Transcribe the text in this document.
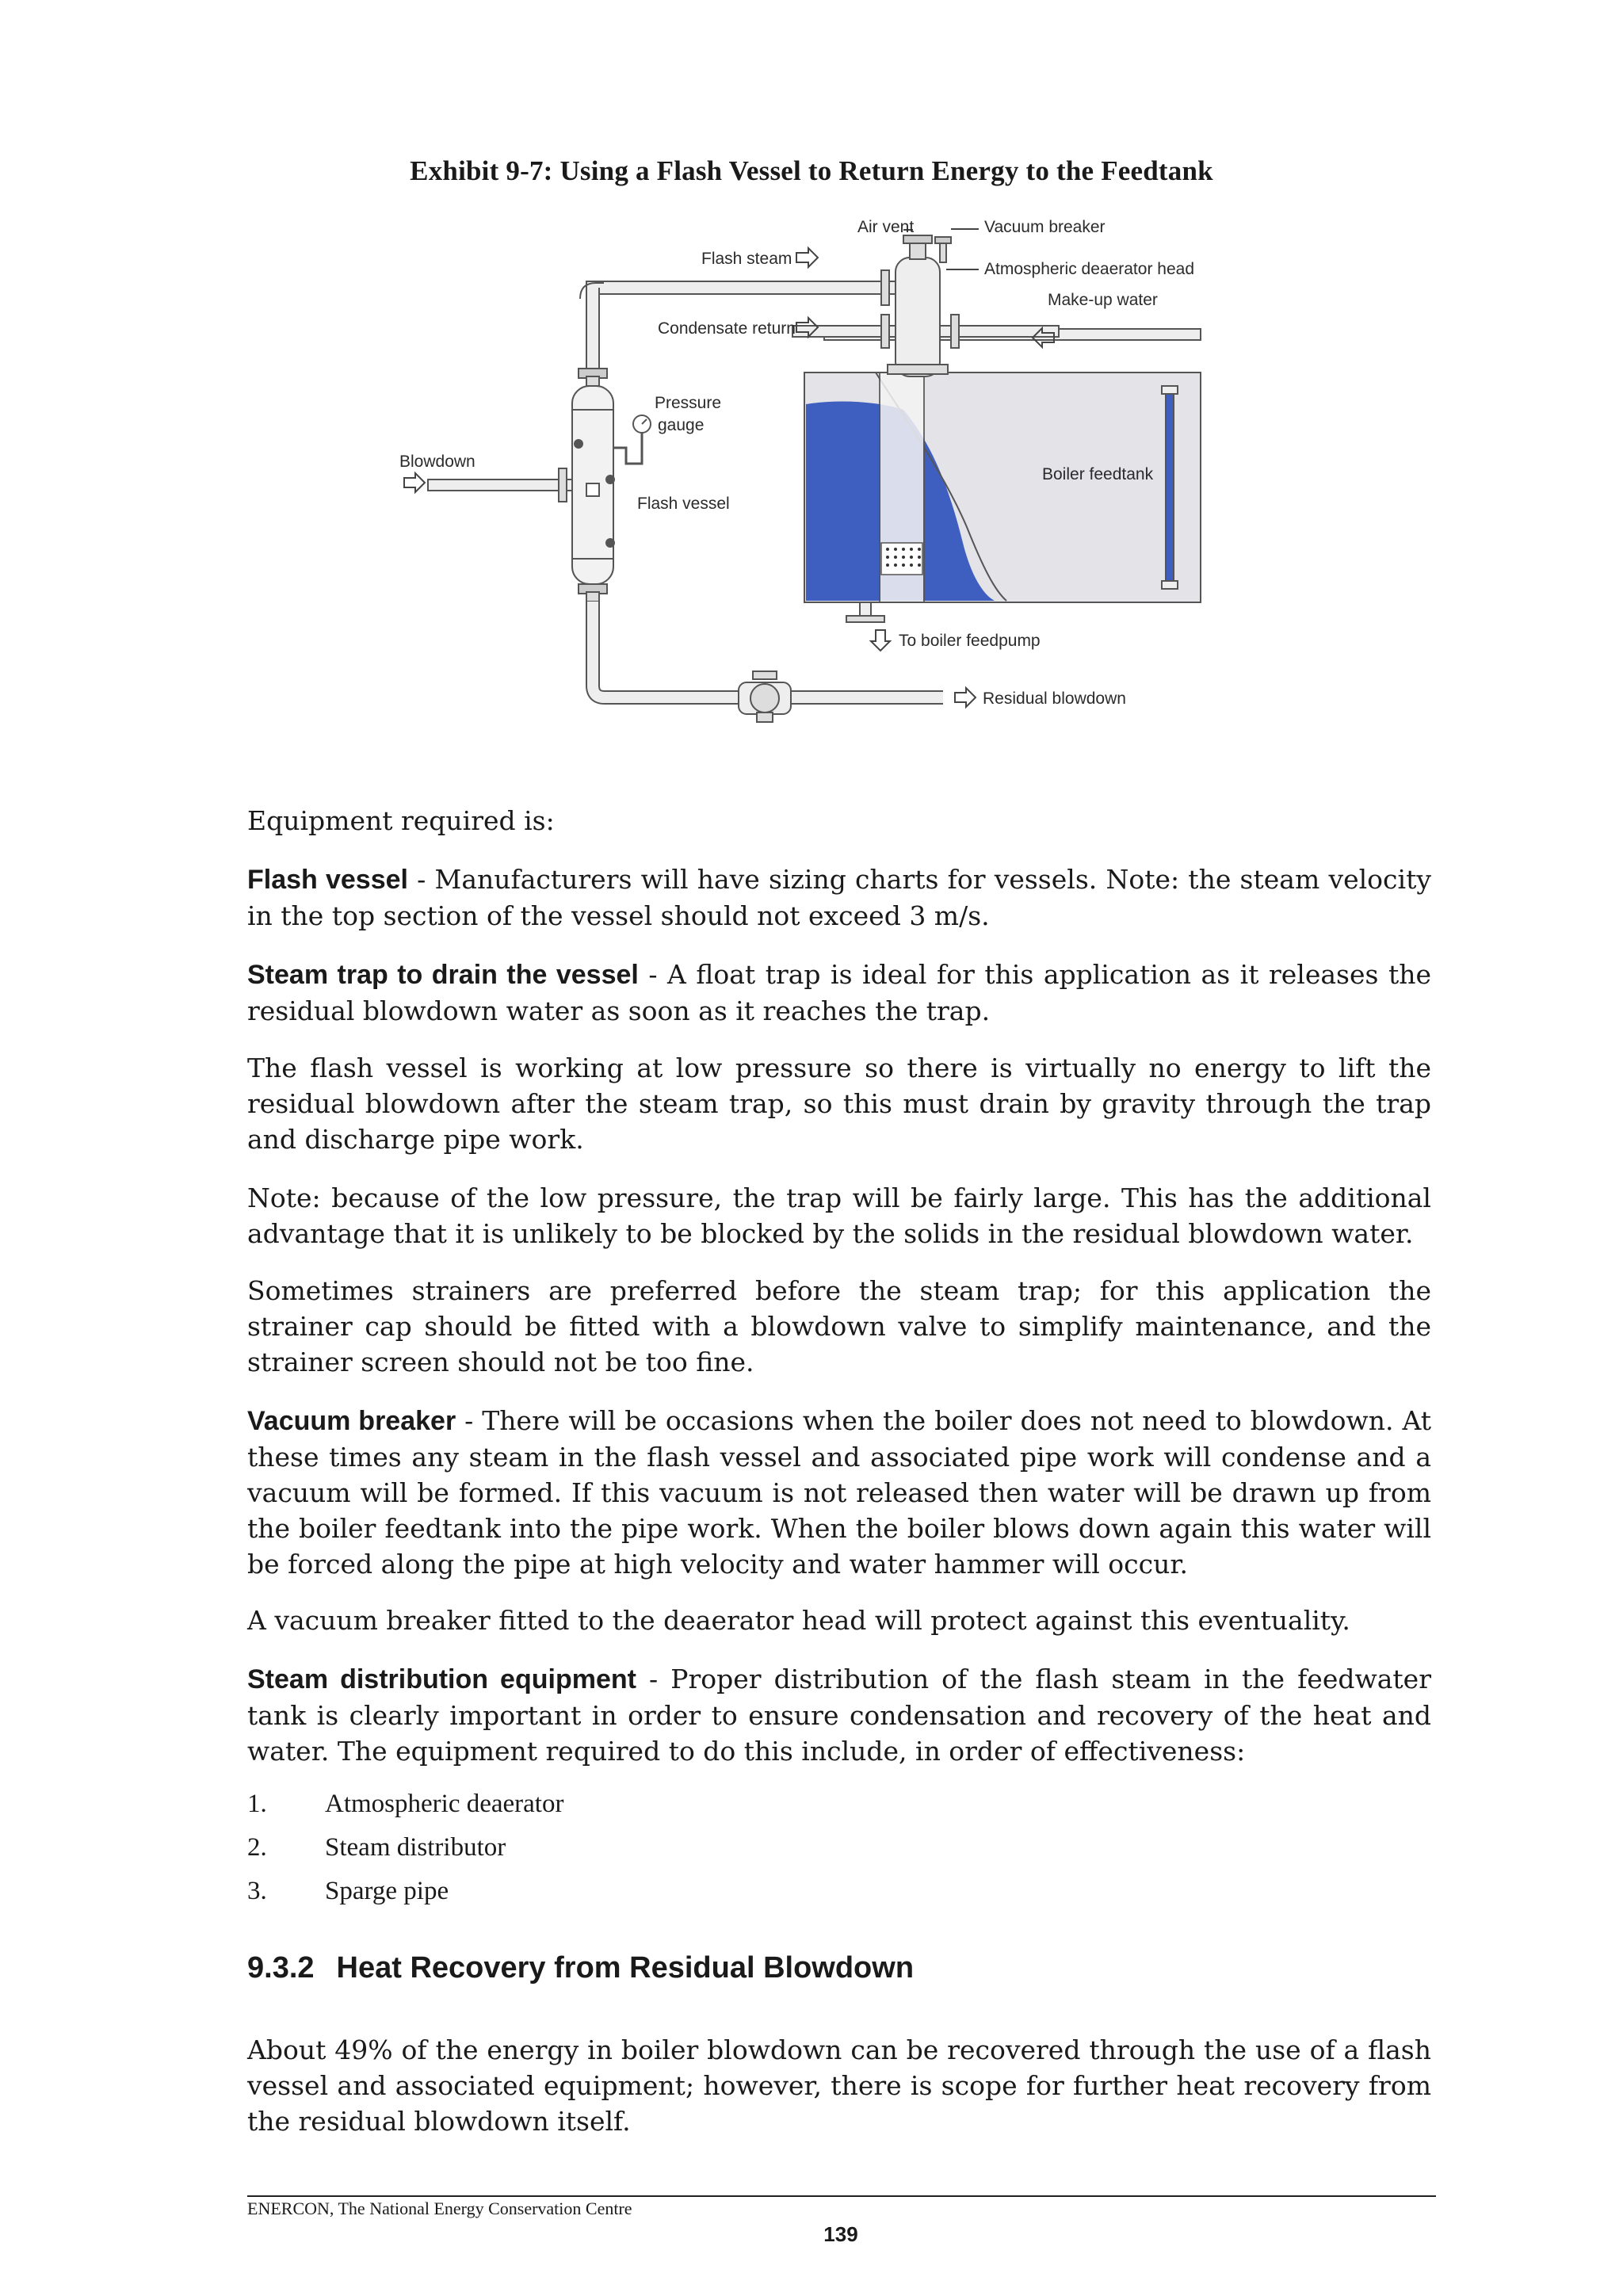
Exhibit 9-7: Using a Flash Vessel to Return Energy to the Feedtank
Flash steam
Air vent	Vacuum breaker
Atmospheric deaerator head
Make-up water
Condensate return
Pressure
gauge
Blowdown
Boiler feedtank
Flash vessel
To boiler feedpump
Residual blowdown
Equipment required is:
Flash vessel - Manufacturers will have sizing charts for vessels. Note: the steam velocity in the top section of the vessel should not exceed 3 m/s.
Steam trap to drain the vessel - A float trap is ideal for this application as it releases the residual blowdown water as soon as it reaches the trap.
The flash vessel is working at low pressure so there is virtually no energy to lift the residual blowdown after the steam trap, so this must drain by gravity through the trap and discharge pipe work.
Note: because of the low pressure, the trap will be fairly large. This has the additional advantage that it is unlikely to be blocked by the solids in the residual blowdown water.
Sometimes strainers are preferred before the steam trap; for this application the strainer cap should be fitted with a blowdown valve to simplify maintenance, and the strainer screen should not be too fine.
Vacuum breaker - There will be occasions when the boiler does not need to blowdown. At these times any steam in the flash vessel and associated pipe work will condense and a vacuum will be formed. If this vacuum is not released then water will be drawn up from the boiler feedtank into the pipe work. When the boiler blows down again this water will be forced along the pipe at high velocity and water hammer will occur.
A vacuum breaker fitted to the deaerator head will protect against this eventuality.
Steam distribution equipment - Proper distribution of the flash steam in the feedwater tank is clearly important in order to ensure condensation and recovery of the heat and water. The equipment required to do this include, in order of effectiveness:
1.	Atmospheric deaerator
2.	Steam distributor
3.	Sparge pipe
9.3.2 Heat Recovery from Residual Blowdown
About 49% of the energy in boiler blowdown can be recovered through the use of a flash vessel and associated equipment; however, there is scope for further heat recovery from the residual blowdown itself.
ENERCON, The National Energy Conservation Centre
139
